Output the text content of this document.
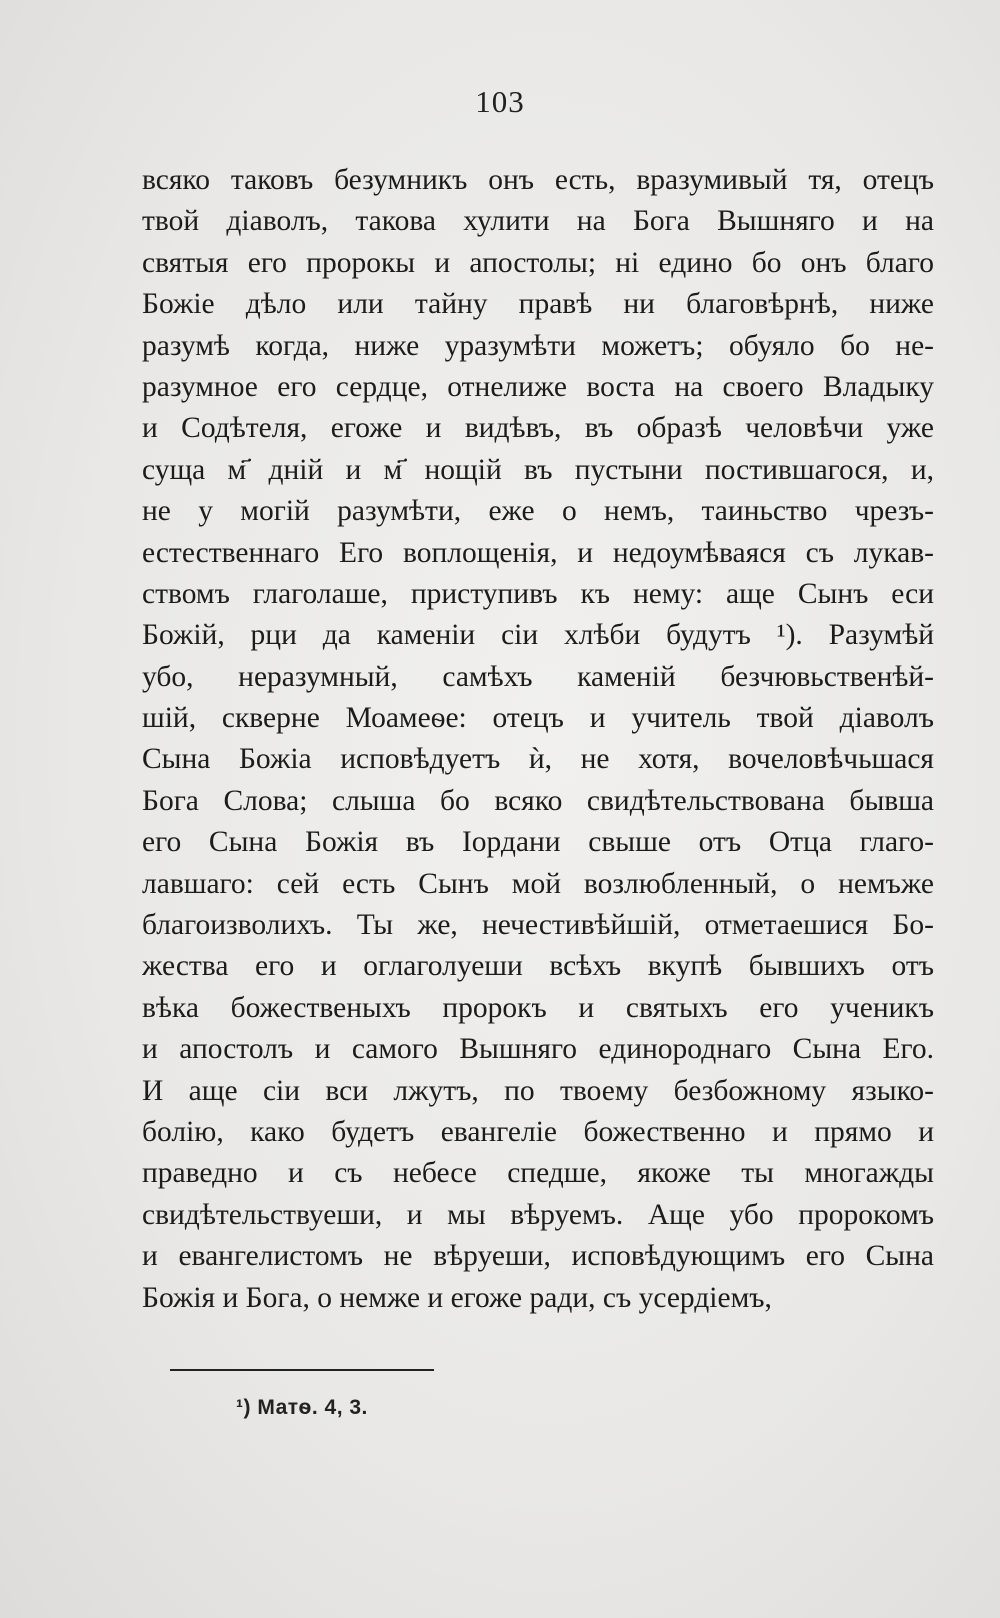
103
всяко таковъ безумникъ онъ есть, вразумивый тя, отецъ
твой діаволъ, такова хулити на Бога Вышняго и на
святыя его пророкы и апостолы; ні едино бо онъ благо
Божіе дѣло или тайну правѣ ни благовѣрнѣ, ниже
разумѣ когда, ниже уразумѣти можетъ; обуяло бо не-
разумное его сердце, отнелиже воста на своего Владыку
и Содѣтеля, егоже и видѣвъ, въ образѣ человѣчи уже
суща м҃ дній и м҃ нощій въ пустыни постившагося, и,
не у могій разумѣти, еже о немъ, таиньство чрезъ-
естественнаго Его воплощенія, и недоумѣваяся съ лукав-
ствомъ глаголаше, приступивъ къ нему: аще Сынъ еси
Божій, рци да каменіи сіи хлѣби будутъ ¹). Разумѣй
убо, неразумный, самѣхъ каменій безчювьственѣй-
шій, скверне Моамеѳе: отецъ и учитель твой діаволъ
Сына Божіа исповѣдуетъ ѝ, не хотя, вочеловѣчьшася
Бога Слова; слыша бо всяко свидѣтельствована бывша
его Сына Божія въ Іордани свыше отъ Отца глаго-
лавшаго: сей есть Сынъ мой возлюбленный, о немъже
благоизволихъ. Ты же, нечестивѣйшій, отметаешися Бо-
жества его и оглаголуеши всѣхъ вкупѣ бывшихъ отъ
вѣка божественыхъ пророкъ и святыхъ его ученикъ
и апостолъ и самого Вышняго единороднаго Сына Его.
И аще сіи вси лжутъ, по твоему безбожному языко-
болію, како будетъ евангеліе божественно и прямо и
праведно и съ небесе спедше, якоже ты многажды
свидѣтельствуеши, и мы вѣруемъ. Аще убо пророкомъ
и евангелистомъ не вѣруеши, исповѣдующимъ его Сына
Божія и Бога, о немже и егоже ради, съ усердіемъ,
¹) Матѳ. 4, 3.
